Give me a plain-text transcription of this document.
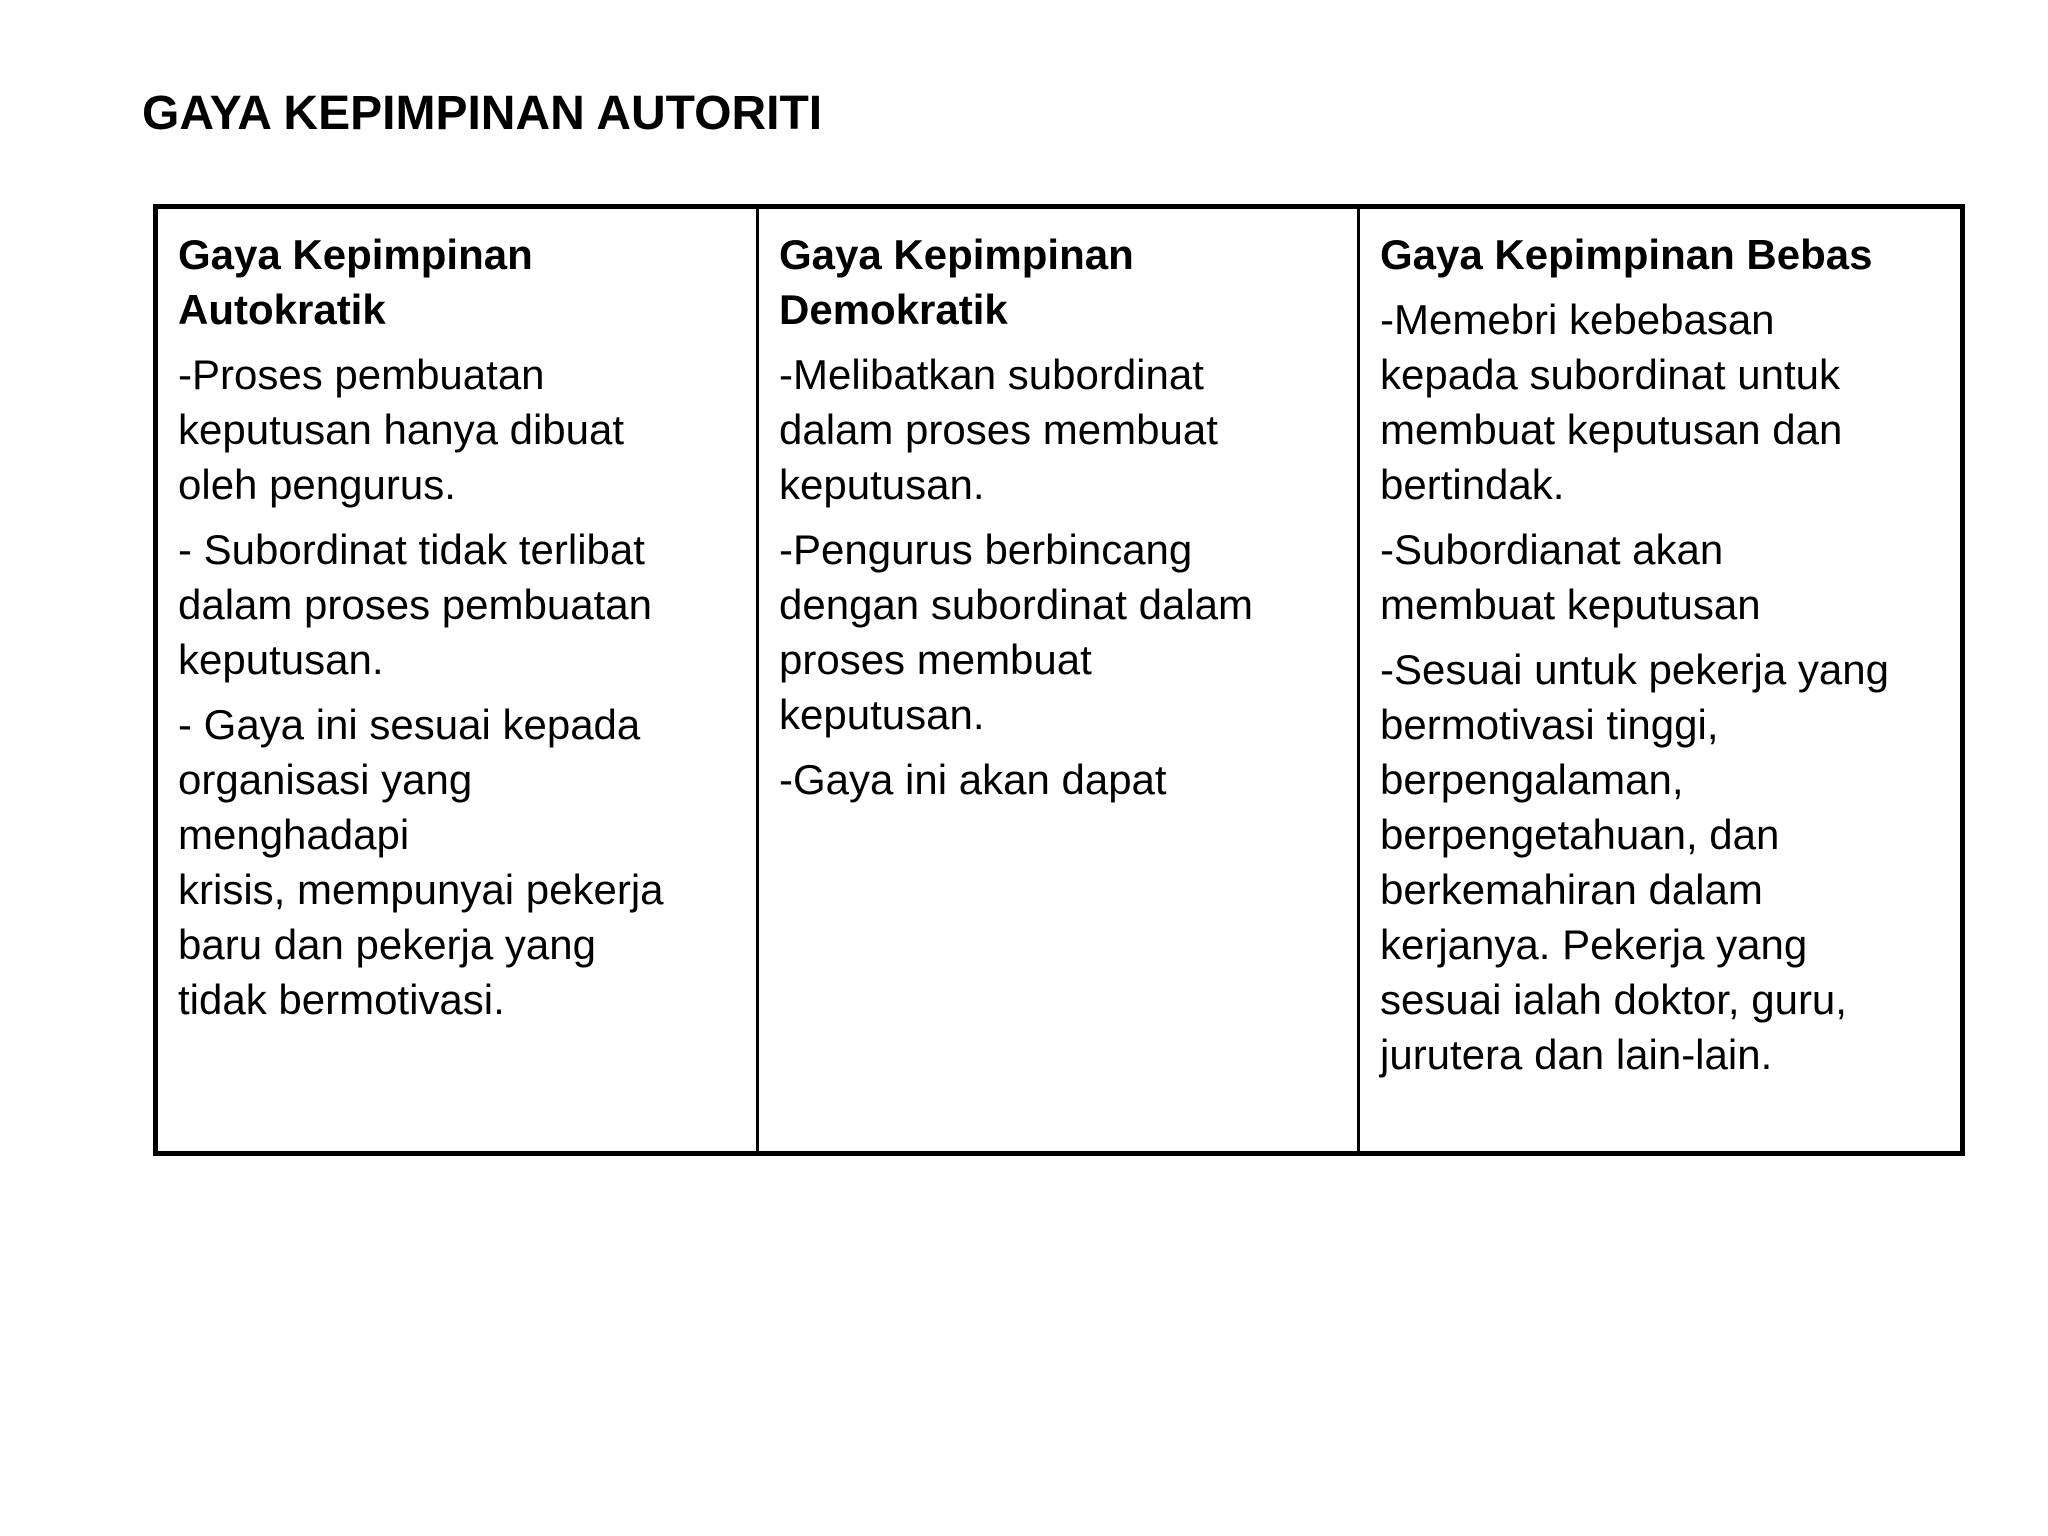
GAYA KEPIMPINAN AUTORITI
Gaya Kepimpinan
Autokratik

-Proses pembuatan
keputusan hanya dibuat
oleh pengurus.

- Subordinat tidak terlibat
dalam proses pembuatan
keputusan.

- Gaya ini sesuai kepada
organisasi yang
menghadapi
krisis, mempunyai pekerja
baru dan pekerja yang
tidak bermotivasi.

Gaya Kepimpinan
Demokratik

-Melibatkan subordinat
dalam proses membuat
keputusan.

-Pengurus berbincang
dengan subordinat dalam
proses membuat
keputusan.

-Gaya ini akan dapat

Gaya Kepimpinan Bebas

-Memebri kebebasan
kepada subordinat untuk
membuat keputusan dan
bertindak.

-Subordianat akan
membuat keputusan

-Sesuai untuk pekerja yang
bermotivasi tinggi,
berpengalaman,
berpengetahuan, dan
berkemahiran dalam
kerjanya. Pekerja yang
sesuai ialah doktor, guru,
jurutera dan lain-lain.
